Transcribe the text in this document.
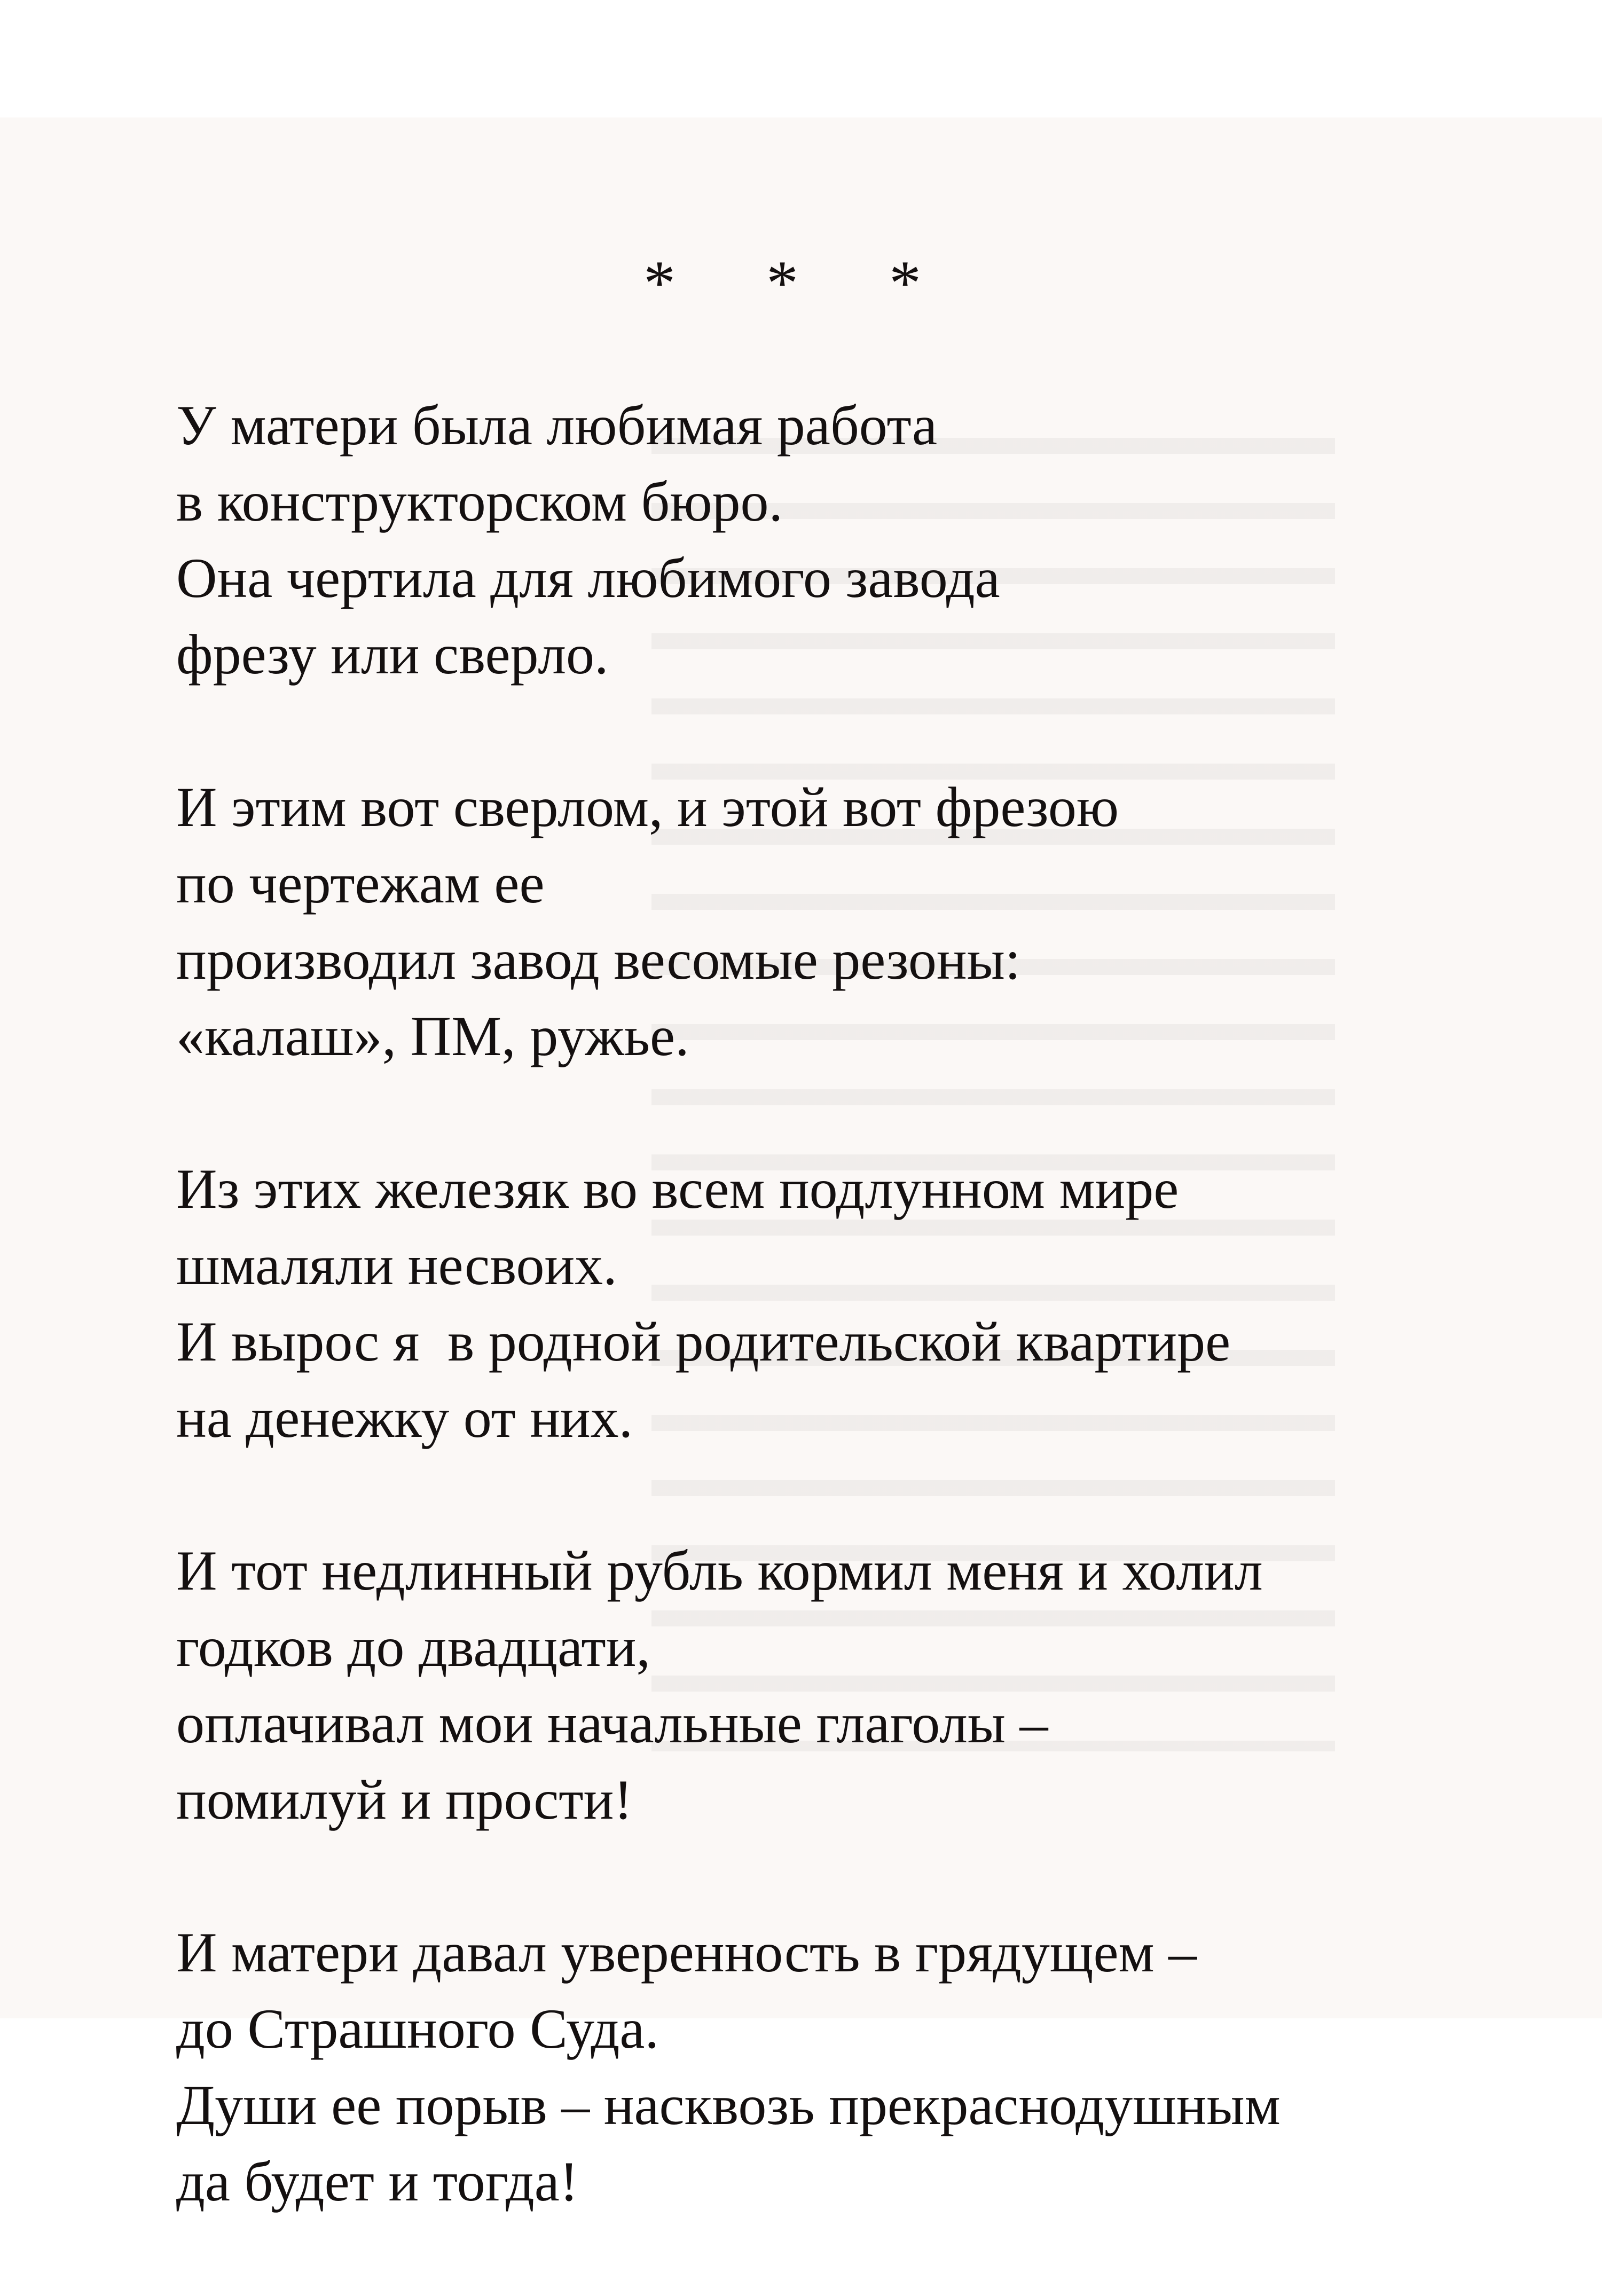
* * *
У матери была любимая работа
в конструкторском бюро.
Она чертила для любимого завода
фрезу или сверло.
И этим вот сверлом, и этой вот фрезою
по чертежам ее
производил завод весомые резоны:
«калаш», ПМ, ружье.
Из этих железяк во всем подлунном мире
шмаляли несвоих.
И вырос я  в родной родительской квартире
на денежку от них.
И тот недлинный рубль кормил меня и холил
годков до двадцати,
оплачивал мои начальные глаголы –
помилуй и прости!
И матери давал уверенность в грядущем –
до Страшного Суда.
Души ее порыв – насквозь прекраснодушным
да будет и тогда!
